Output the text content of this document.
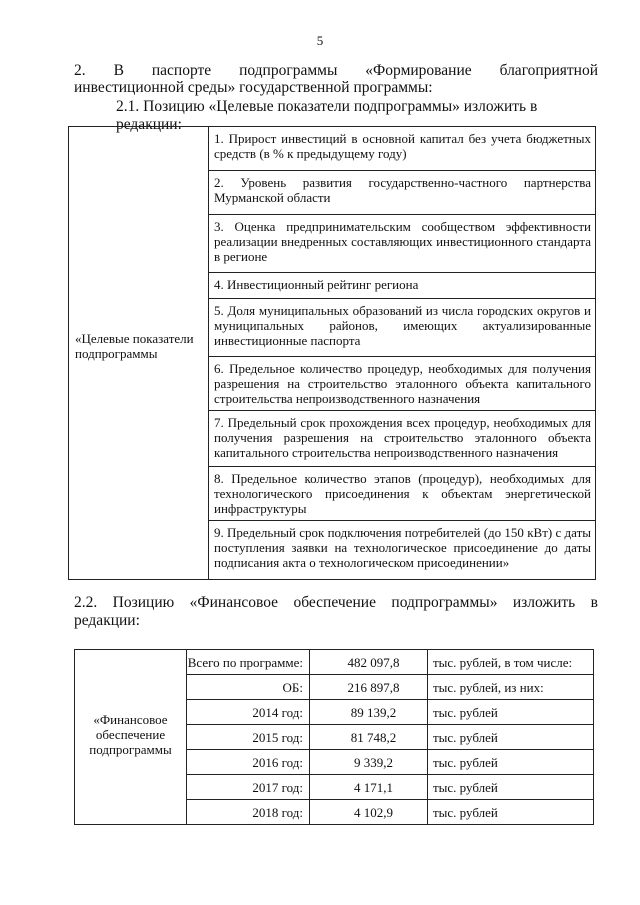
5
2. В паспорте подпрограммы «Формирование благоприятной
инвестиционной среды» государственной программы:
2.1. Позицию «Целевые показатели подпрограммы» изложить в редакции:
«Целевые показатели подпрограммы
1. Прирост инвестиций в основной капитал без учета бюджетных средств (в % к предыдущему году)
2. Уровень развития государственно-частного партнерства Мурманской области
3. Оценка предпринимательским сообществом эффективности реализации внедренных составляющих инвестиционного стандарта в регионе
4. Инвестиционный рейтинг региона
5. Доля муниципальных образований из числа городских округов и муниципальных районов, имеющих актуализированные инвестиционные паспорта
6. Предельное количество процедур, необходимых для получения разрешения на строительство эталонного объекта капитального строительства непроизводственного назначения
7. Предельный срок прохождения всех процедур, необходимых для получения разрешения на строительство эталонного объекта капитального строительства непроизводственного назначения
8. Предельное количество этапов (процедур), необходимых для технологического присоединения к объектам энергетической инфраструктуры
9. Предельный срок подключения потребителей (до 150 кВт) с даты поступления заявки на технологическое присоединение до даты подписания акта о технологическом присоединении»
2.2. Позицию «Финансовое обеспечение подпрограммы» изложить в
редакции:
«Финансовое обеспечение подпрограммы
Всего по программе:	482 097,8	тыс. рублей, в том числе:
ОБ:	216 897,8	тыс. рублей, из них:
2014 год:	89 139,2	тыс. рублей
2015 год:	81 748,2	тыс. рублей
2016 год:	9 339,2	тыс. рублей
2017 год:	4 171,1	тыс. рублей
2018 год:	4 102,9	тыс. рублей
